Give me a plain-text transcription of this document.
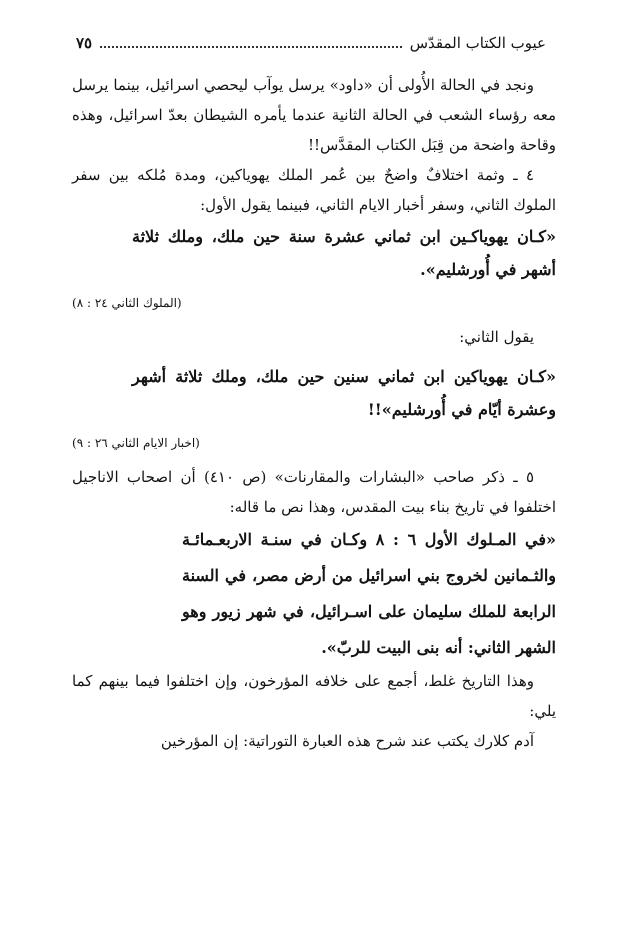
عيوب الكتاب المقدّس
٧٥

ونجد في الحالة الأُولى أن «داود» يرسل يوآب ليحصي اسرائيل، بينما يرسل معه رؤساء الشعب في الحالة الثانية عندما يأمره الشيطان بعدّ اسرائيل، وهذه وقاحة واضحة من قِبَل الكتاب المقدَّس!!

٤ ـ وثمة اختلافٌ واضحٌ بين عُمر الملك يهوياكين، ومدة مُلكه بين سفر الملوك الثاني، وسفر أخبار الايام الثاني، فبينما يقول الأول:

«كـان يهوياكـين ابن ثماني عشرة سنة حين ملك، وملك ثلاثة أشهر في أُورشليم».

(الملوك الثاني ٢٤ : ٨)

يقول الثاني:

«كـان يهوياكين ابن ثماني سنين حين ملك، وملك ثلاثة أشهر وعشرة أيّام في أُورشليم»!!

(اخبار الايام الثاني ٢٦ : ٩)

٥ ـ ذكر صاحب «البشارات والمقارنات» (ص ٤١٠) أن اصحاب الاناجيل اختلفوا في تاريخ بناء بيت المقدس، وهذا نص ما قاله:

«في المـلوك الأول ٦ : ٨ وكـان في سنـة الاربعـمائـة والثـمانين لخروج بني اسرائيل من أرض مصر، في السنة الرابعة للملك سليمان على اسـرائيل، في شهر زيور وهو الشهر الثاني: أنه بنى البيت للربّ».

وهذا التاريخ غلط، أجمع على خلافه المؤرخون، وإن اختلفوا فيما بينهم كما يلي:

آدم كلارك يكتب عند شرح هذه العبارة التوراتية: إن المؤرخين
